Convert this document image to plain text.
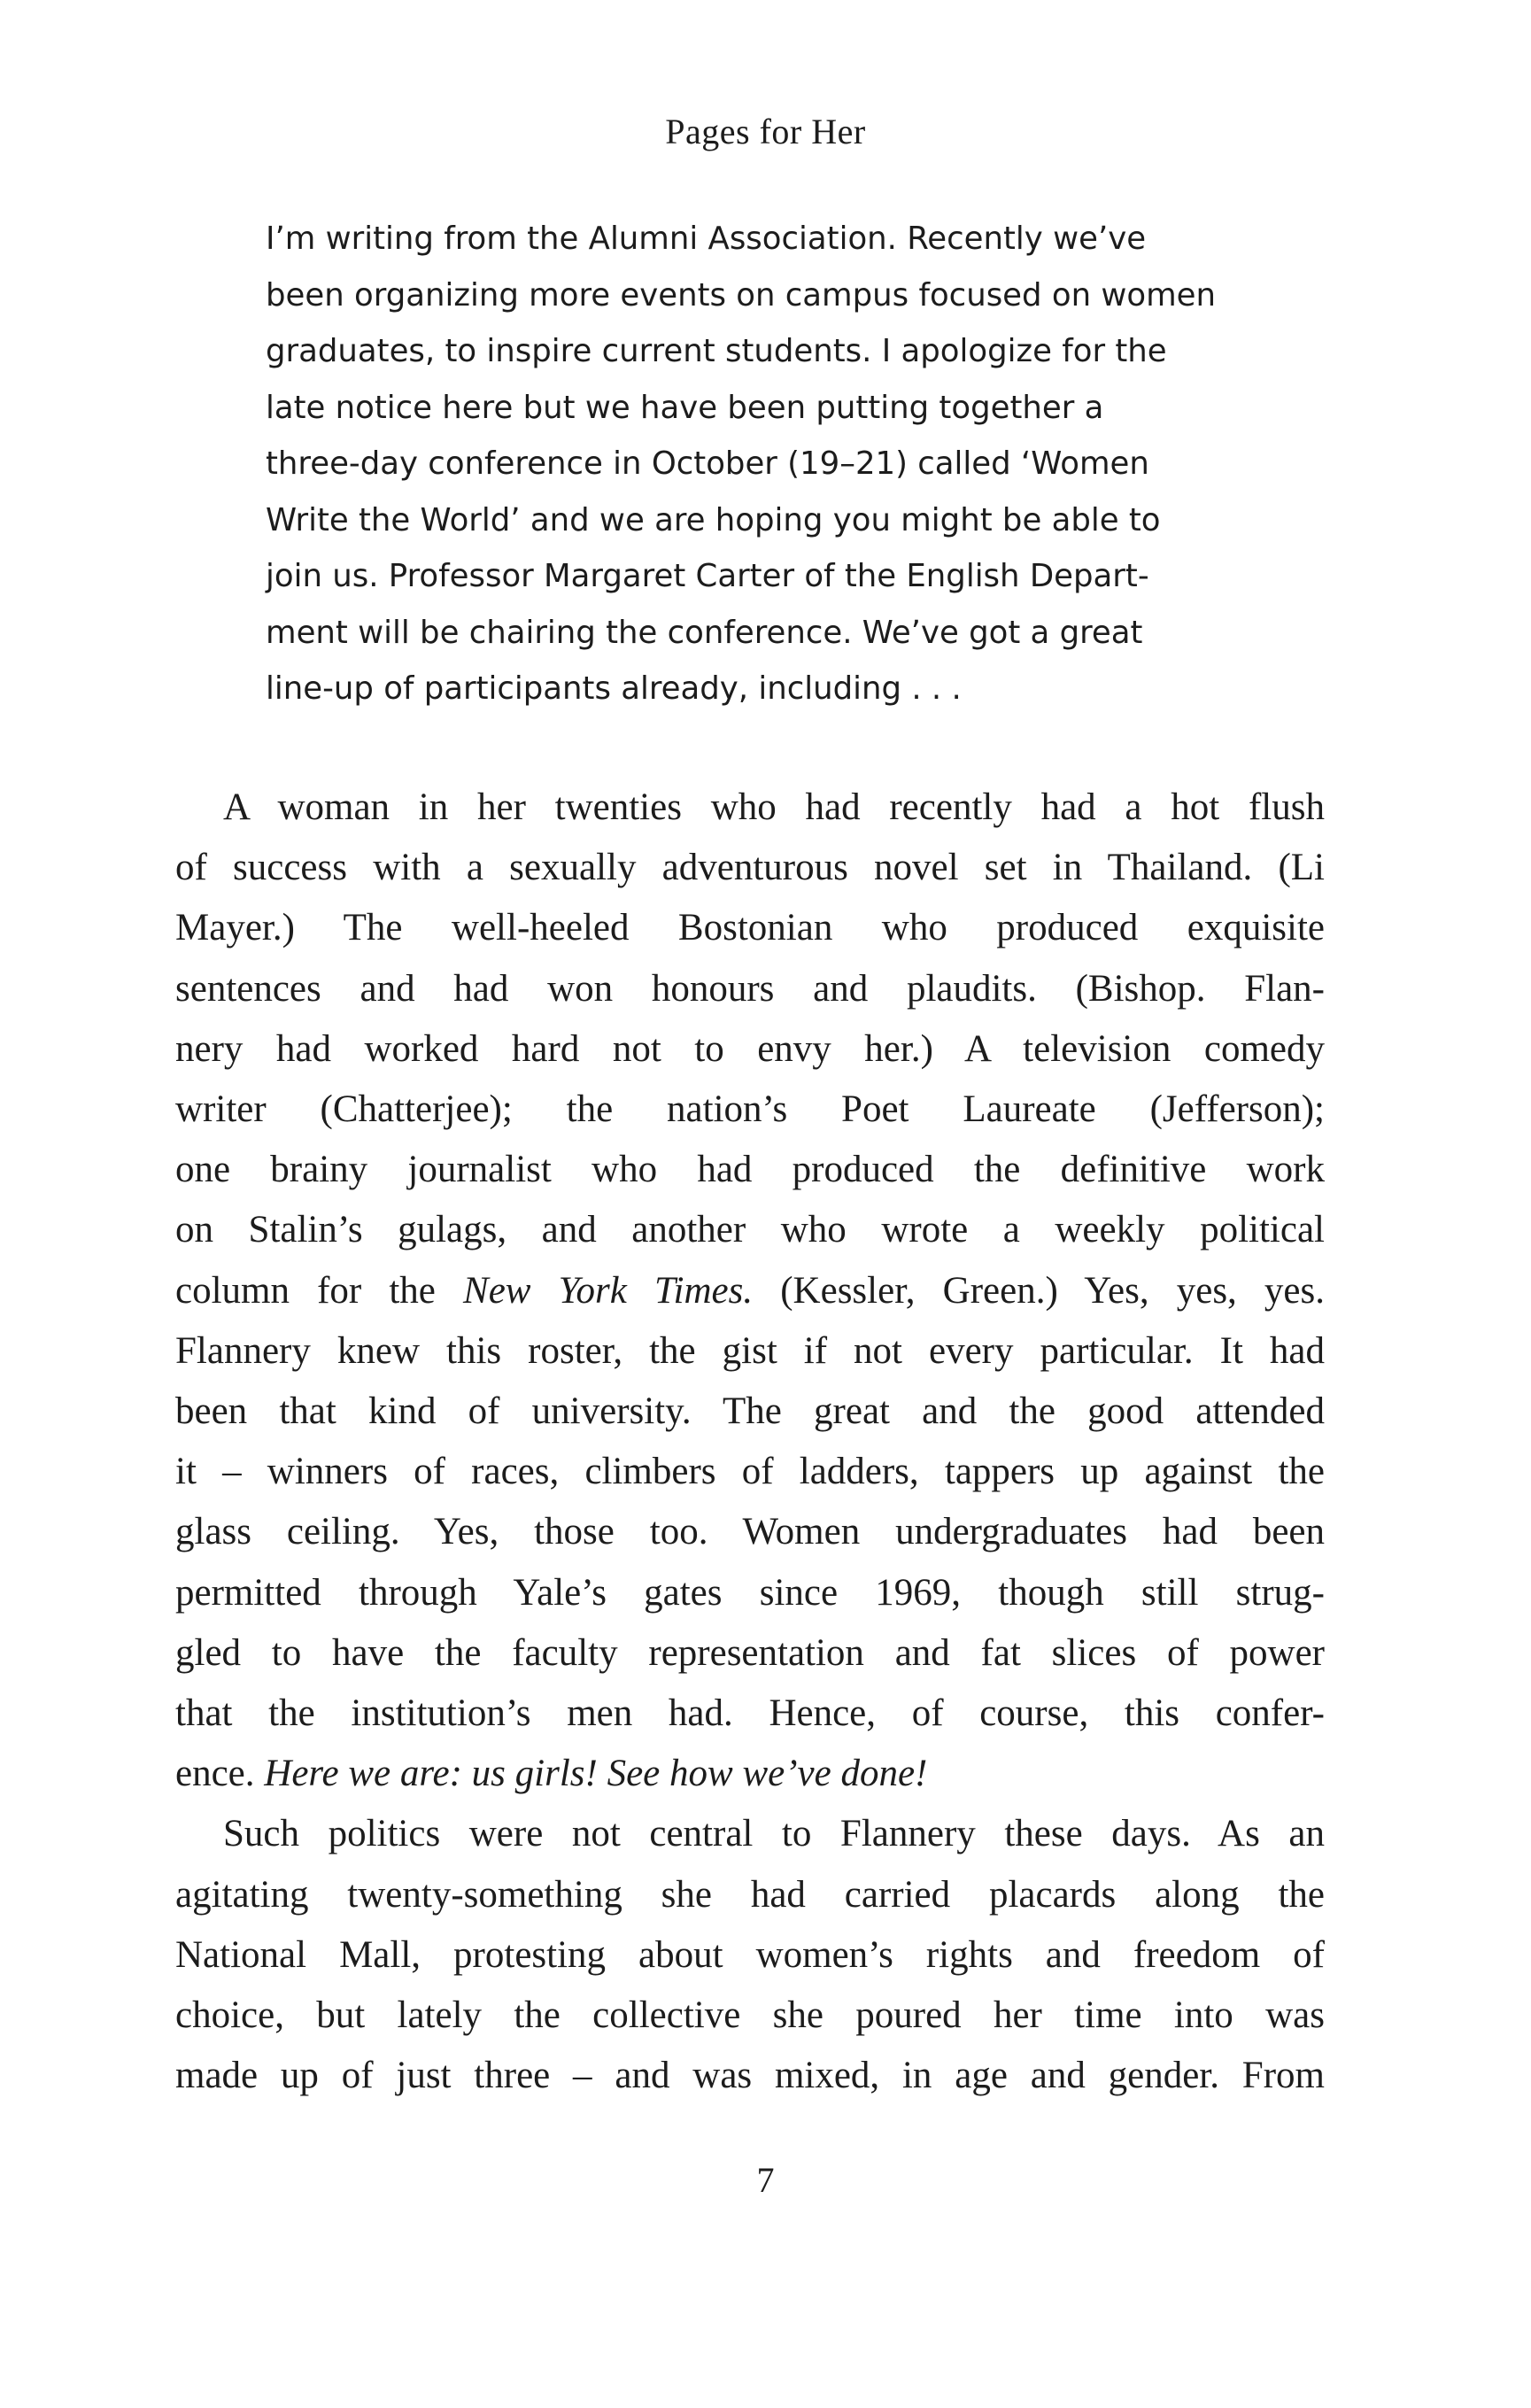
Pages for Her
I’m writing from the Alumni Association. Recently we’ve
been organizing more events on campus focused on women
graduates, to inspire current students. I apologize for the
late notice here but we have been putting together a
three-day conference in October (19–21) called ‘Women
Write the World’ and we are hoping you might be able to
join us. Professor Margaret Carter of the English Depart-
ment will be chairing the conference. We’ve got a great
line-up of participants already, including . . .
A woman in her twenties who had recently had a hot flush
of success with a sexually adventurous novel set in Thailand. (Li
Mayer.) The well-heeled Bostonian who produced exquisite
sentences and had won honours and plaudits. (Bishop. Flan-
nery had worked hard not to envy her.) A television comedy
writer (Chatterjee); the nation’s Poet Laureate (Jefferson);
one brainy journalist who had produced the definitive work
on Stalin’s gulags, and another who wrote a weekly political
column for the New York Times. (Kessler, Green.) Yes, yes, yes.
Flannery knew this roster, the gist if not every particular. It had
been that kind of university. The great and the good attended
it – winners of races, climbers of ladders, tappers up against the
glass ceiling. Yes, those too. Women undergraduates had been
permitted through Yale’s gates since 1969, though still strug-
gled to have the faculty representation and fat slices of power
that the institution’s men had. Hence, of course, this confer-
ence. Here we are: us girls! See how we’ve done!
Such politics were not central to Flannery these days. As an
agitating twenty-something she had carried placards along the
National Mall, protesting about women’s rights and freedom of
choice, but lately the collective she poured her time into was
made up of just three – and was mixed, in age and gender. From
7
